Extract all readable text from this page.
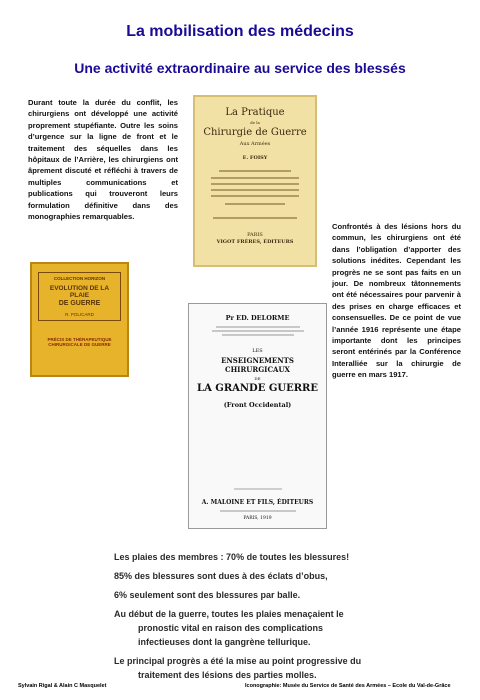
La mobilisation des médecins
Une activité extraordinaire au service des blessés
Durant toute la durée du conflit, les chirurgiens ont développé une activité proprement stupéfiante. Outre les soins d’urgence sur la ligne de front et le traitement des séquelles dans les hôpitaux de l’Arrière, les chirurgiens ont âprement discuté et réfléchi à travers de multiples communications et publications qui trouveront leurs formulation définitive dans des monographies remarquables.
La Pratique
de la
Chirurgie de Guerre
Aux Armées
E. FOISY
PARIS
VIGOT FRÈRES, ÉDITEURS
Confrontés à des lésions hors du commun, les chirurgiens ont été dans l’obligation d’apporter des solutions inédites. Cependant les progrès ne se sont pas faits en un jour. De nombreux tâtonnements ont été nécessaires pour parvenir à des prises en charge efficaces et consensuelles. De ce point de vue l’année 1916 représente une étape importante dont les principes seront entérinés par la Conférence Interalliée sur la chirurgie de guerre en mars 1917.
COLLECTION HORIZON
EVOLUTION DE LA PLAIE
DE GUERRE
R. POLICARD
PRÉCIS DE THÉRAPEUTIQUE CHIRURGICALE DE GUERRE
Pr ED. DELORME
LES
ENSEIGNEMENTS CHIRURGICAUX
DE
LA GRANDE GUERRE
(Front Occidental)
A. MALOINE ET FILS, ÉDITEURS
PARIS, 1919

Les plaies des membres : 70% de toutes les blessures!

85% des blessures sont dues à des éclats d’obus,

6% seulement sont des blessures par balle.

Au début de la guerre, toutes les plaies menaçaient le pronostic vital en raison des complications infectieuses dont la gangrène tellurique.

Le principal progrès a été la mise au point progressive du traitement des lésions des parties molles.

Sylvain Rigal & Alain C Masquelet	Iconographie: Musée du Service de Santé des Armées – Ecole du Val-de-Grâce
